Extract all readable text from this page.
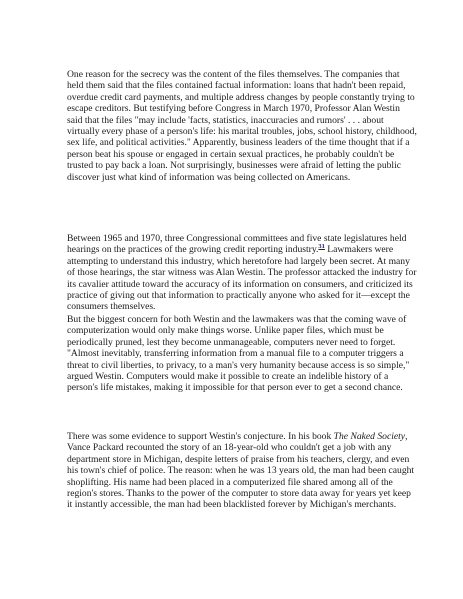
One reason for the secrecy was the content of the files themselves. The companies that held them said that the files contained factual information: loans that hadn't been repaid, overdue credit card payments, and multiple address changes by people constantly trying to escape creditors. But testifying before Congress in March 1970, Professor Alan Westin said that the files "may include 'facts, statistics, inaccuracies and rumors' . . . about virtually every phase of a person's life: his marital troubles, jobs, school history, childhood, sex life, and political activities." Apparently, business leaders of the time thought that if a person beat his spouse or engaged in certain sexual practices, he probably couldn't be trusted to pay back a loan. Not surprisingly, businesses were afraid of letting the public discover just what kind of information was being collected on Americans.

Between 1965 and 1970, three Congressional committees and five state legislatures held hearings on the practices of the growing credit reporting industry.$^{31}$ Lawmakers were attempting to understand this industry, which heretofore had largely been secret. At many of those hearings, the star witness was Alan Westin. The professor attacked the industry for its cavalier attitude toward the accuracy of its information on consumers, and criticized its practice of giving out that information to practically anyone who asked for it—except the consumers themselves.

But the biggest concern for both Westin and the lawmakers was that the coming wave of computerization would only make things worse. Unlike paper files, which must be periodically pruned, lest they become unmanageable, computers never need to forget. "Almost inevitably, transferring information from a manual file to a computer triggers a threat to civil liberties, to privacy, to a man's very humanity because access is so simple," argued Westin. Computers would make it possible to create an indelible history of a person's life mistakes, making it impossible for that person ever to get a second chance.

There was some evidence to support Westin's conjecture. In his book The Naked Society, Vance Packard recounted the story of an 18-year-old who couldn't get a job with any department store in Michigan, despite letters of praise from his teachers, clergy, and even his town's chief of police. The reason: when he was 13 years old, the man had been caught shoplifting. His name had been placed in a computerized file shared among all of the region's stores. Thanks to the power of the computer to store data away for years yet keep it instantly accessible, the man had been blacklisted forever by Michigan's merchants.
